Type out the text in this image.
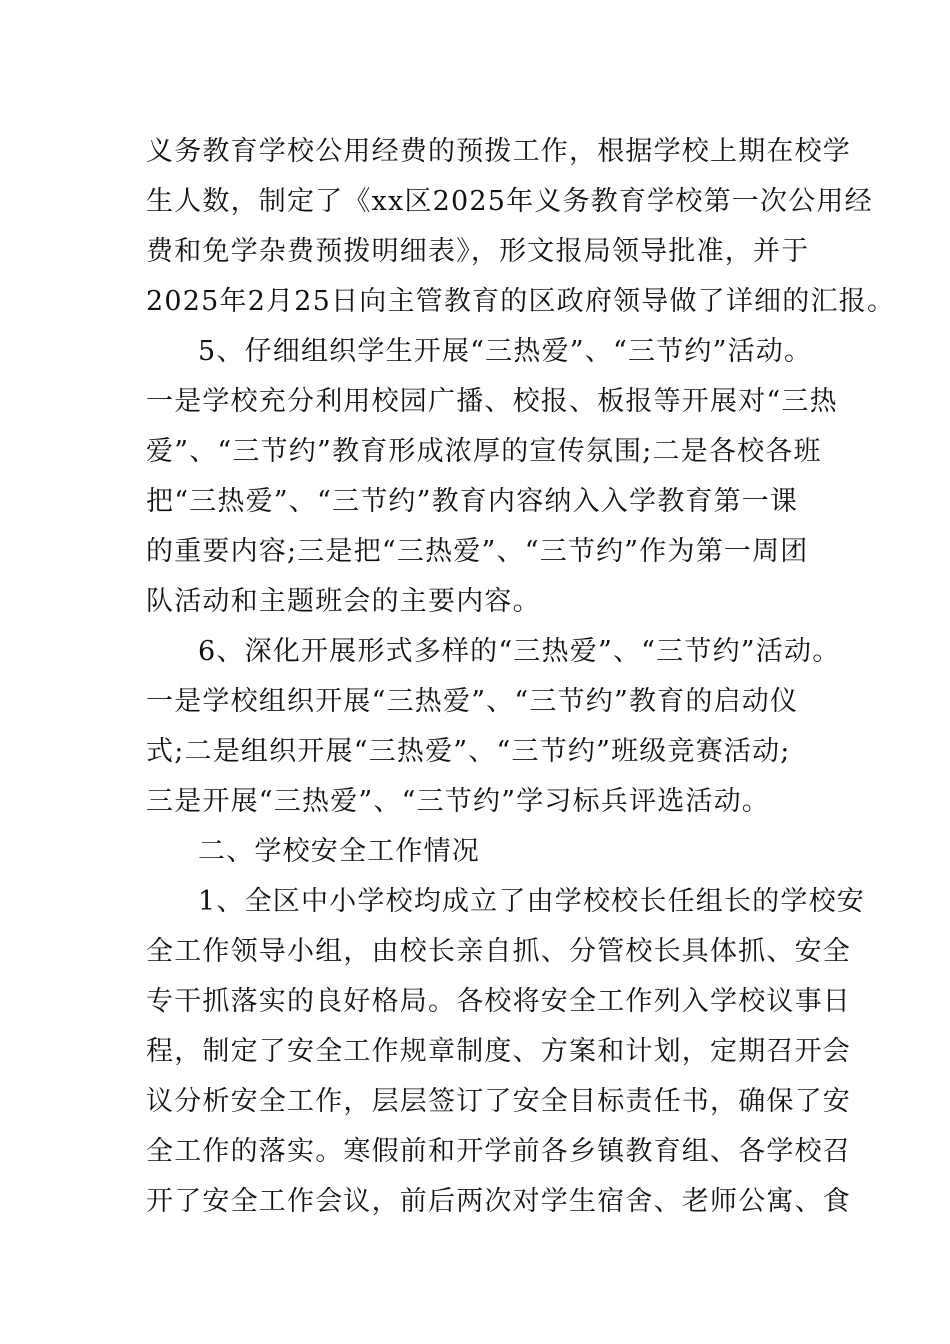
义务教育学校公用经费的预拨工作，根据学校上期在校学
生人数，制定了《xx区2025年义务教育学校第一次公用经
费和免学杂费预拨明细表》，形文报局领导批准，并于
2025年2月25日向主管教育的区政府领导做了详细的汇报。
5、仔细组织学生开展“三热爱”、“三节约”活动。
一是学校充分利用校园广播、校报、板报等开展对“三热
爱”、“三节约”教育形成浓厚的宣传氛围;二是各校各班
把“三热爱”、“三节约”教育内容纳入入学教育第一课
的重要内容;三是把“三热爱”、“三节约”作为第一周团
队活动和主题班会的主要内容。
6、深化开展形式多样的“三热爱”、“三节约”活动。
一是学校组织开展“三热爱”、“三节约”教育的启动仪
式;二是组织开展“三热爱”、“三节约”班级竞赛活动;
三是开展“三热爱”、“三节约”学习标兵评选活动。
二、学校安全工作情况
1、全区中小学校均成立了由学校校长任组长的学校安
全工作领导小组，由校长亲自抓、分管校长具体抓、安全
专干抓落实的良好格局。各校将安全工作列入学校议事日
程，制定了安全工作规章制度、方案和计划，定期召开会
议分析安全工作，层层签订了安全目标责任书，确保了安
全工作的落实。寒假前和开学前各乡镇教育组、各学校召
开了安全工作会议，前后两次对学生宿舍、老师公寓、食
